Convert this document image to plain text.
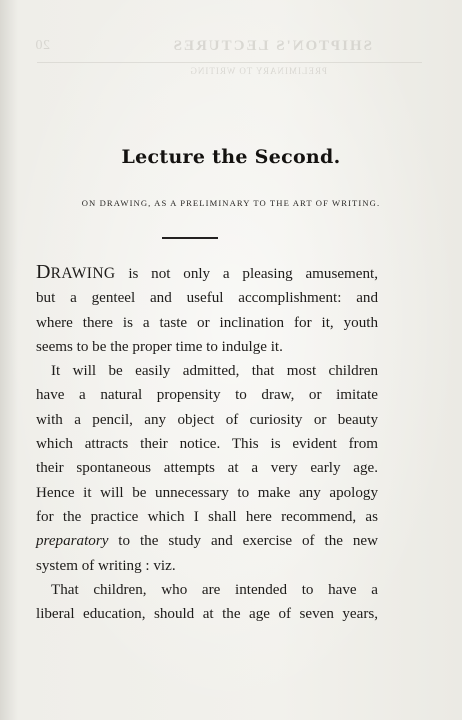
20	SHIPTON'S LECTURES
PRELIMINARY TO WRITING
Lecture the Second.
ON DRAWING, AS A PRELIMINARY TO THE ART OF WRITING.
DRAWING is not only a pleasing amusement,
but a genteel and useful accomplishment: and
where there is a taste or inclination for it, youth
seems to be the proper time to indulge it.
It will be easily admitted, that most children
have a natural propensity to draw, or imitate
with a pencil, any object of curiosity or beauty
which attracts their notice. This is evident from
their spontaneous attempts at a very early age.
Hence it will be unnecessary to make any apology
for the practice which I shall here recommend, as
preparatory to the study and exercise of the new
system of writing : viz.
That children, who are intended to have a
liberal education, should at the age of seven years,
